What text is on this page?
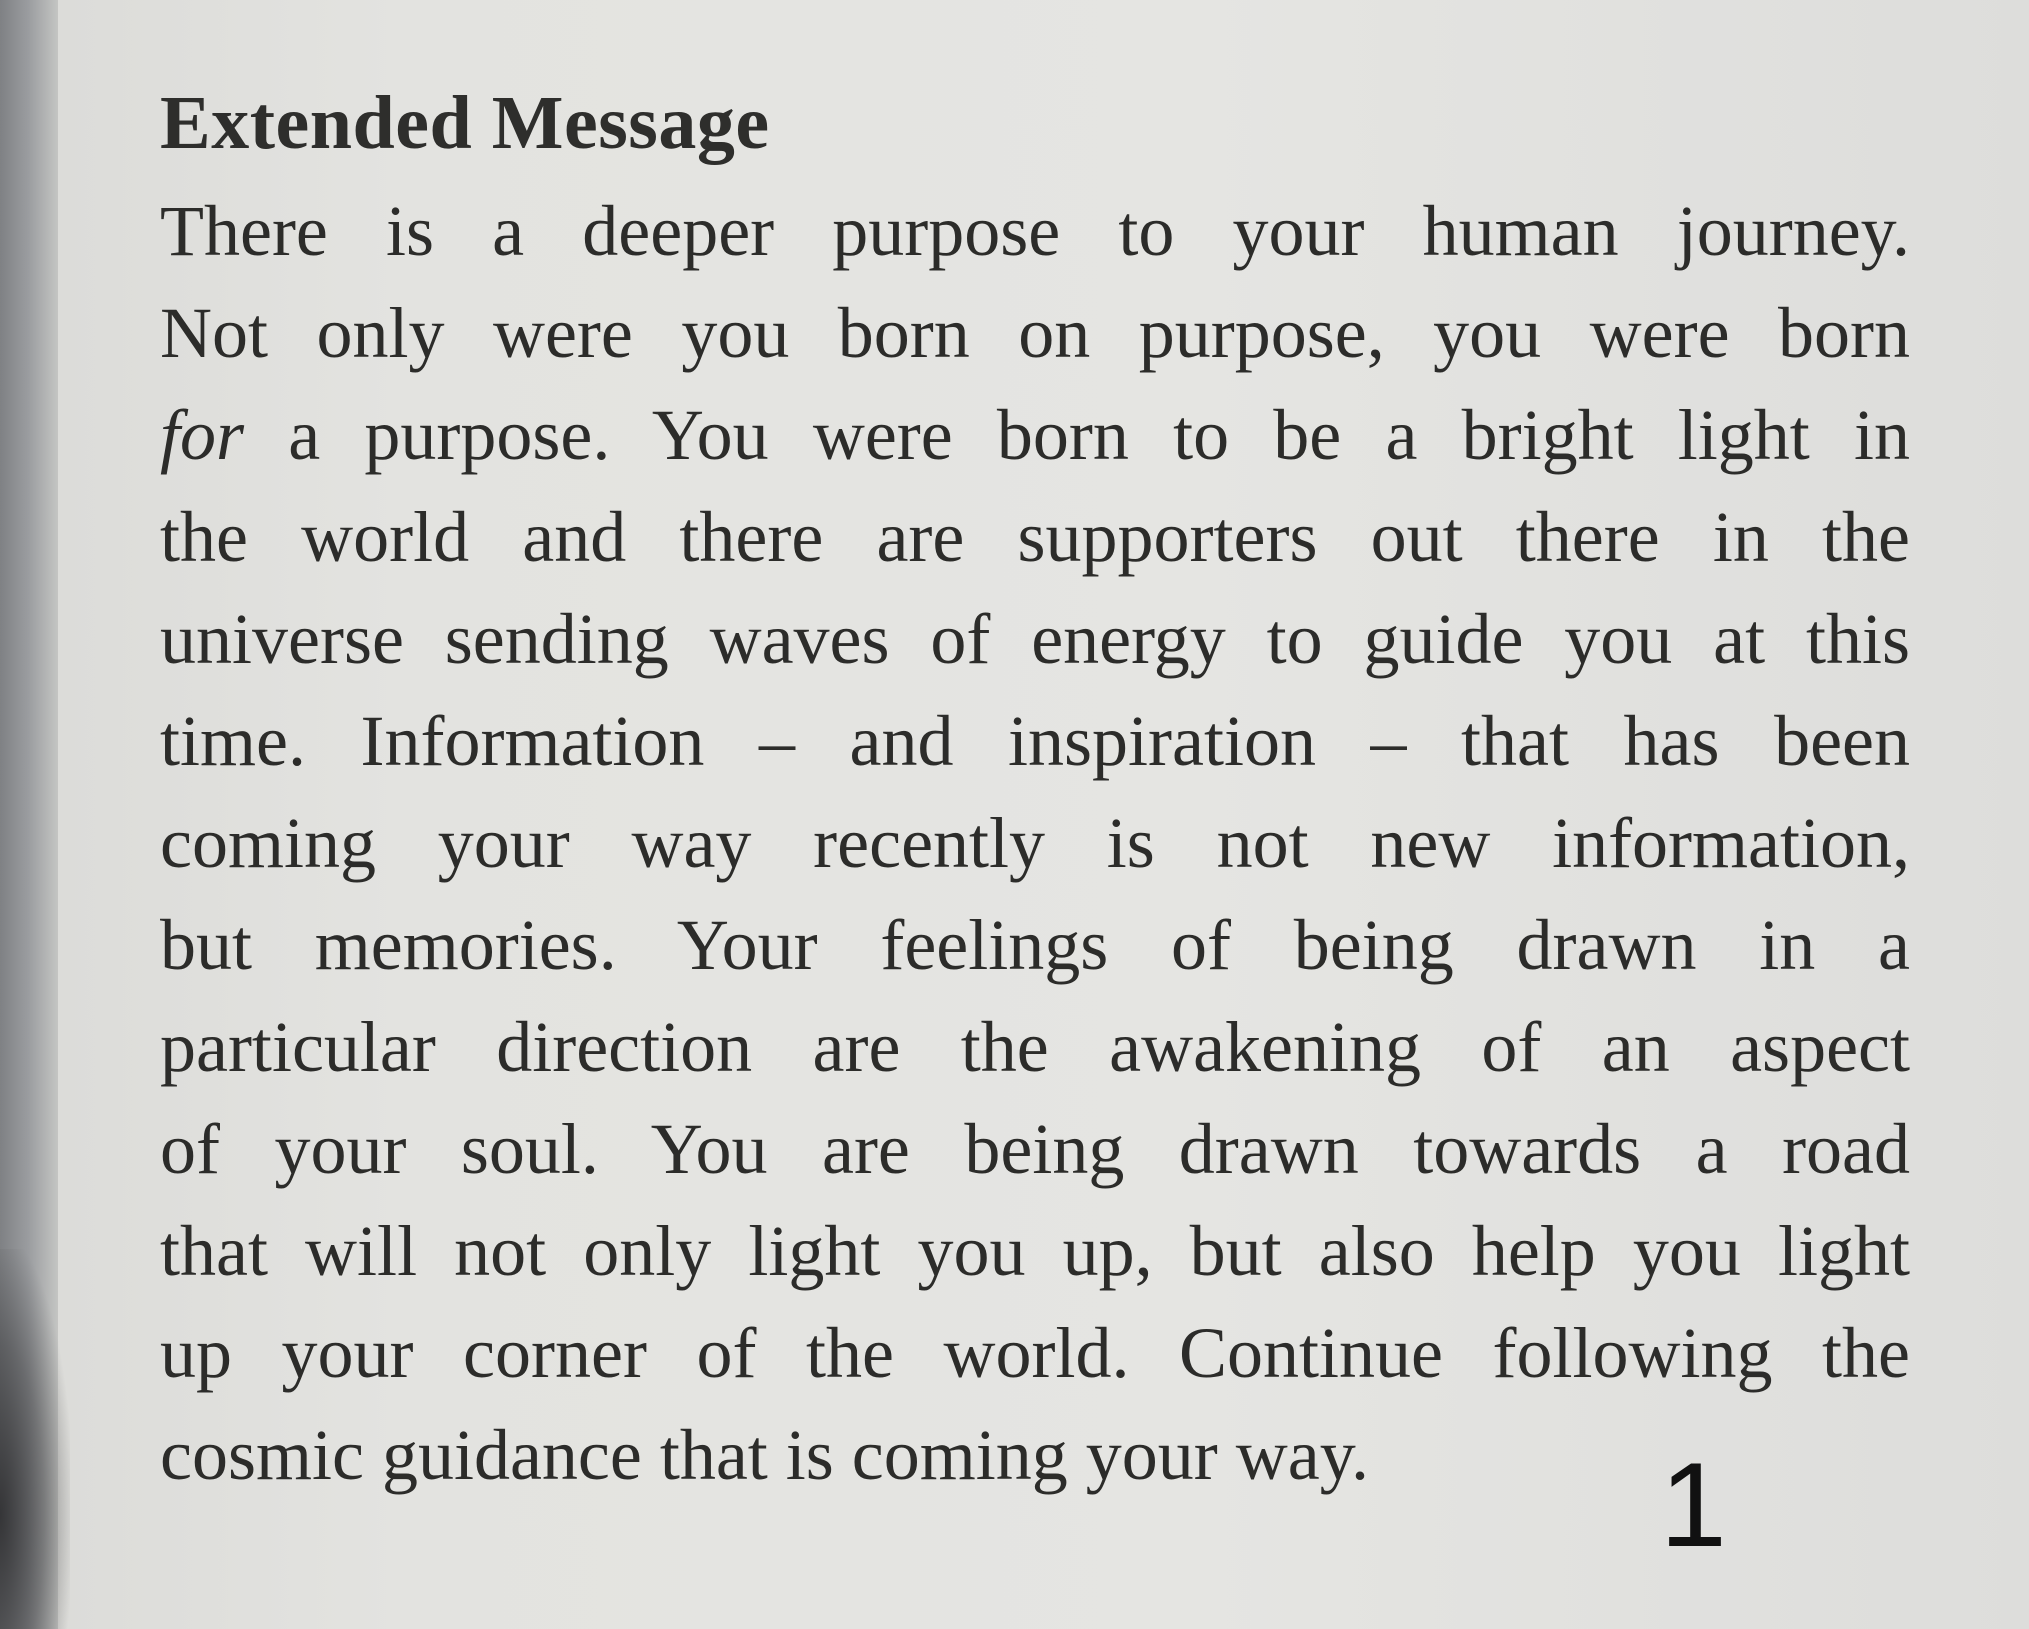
Extended Message
There is a deeper purpose to your human journey.
Not only were you born on purpose, you were born
for a purpose. You were born to be a bright light in
the world and there are supporters out there in the
universe sending waves of energy to guide you at this
time. Information – and inspiration – that has been
coming your way recently is not new information,
but memories. Your feelings of being drawn in a
particular direction are the awakening of an aspect
of your soul. You are being drawn towards a road
that will not only light you up, but also help you light
up your corner of the world. Continue following the
cosmic guidance that is coming your way.	1
